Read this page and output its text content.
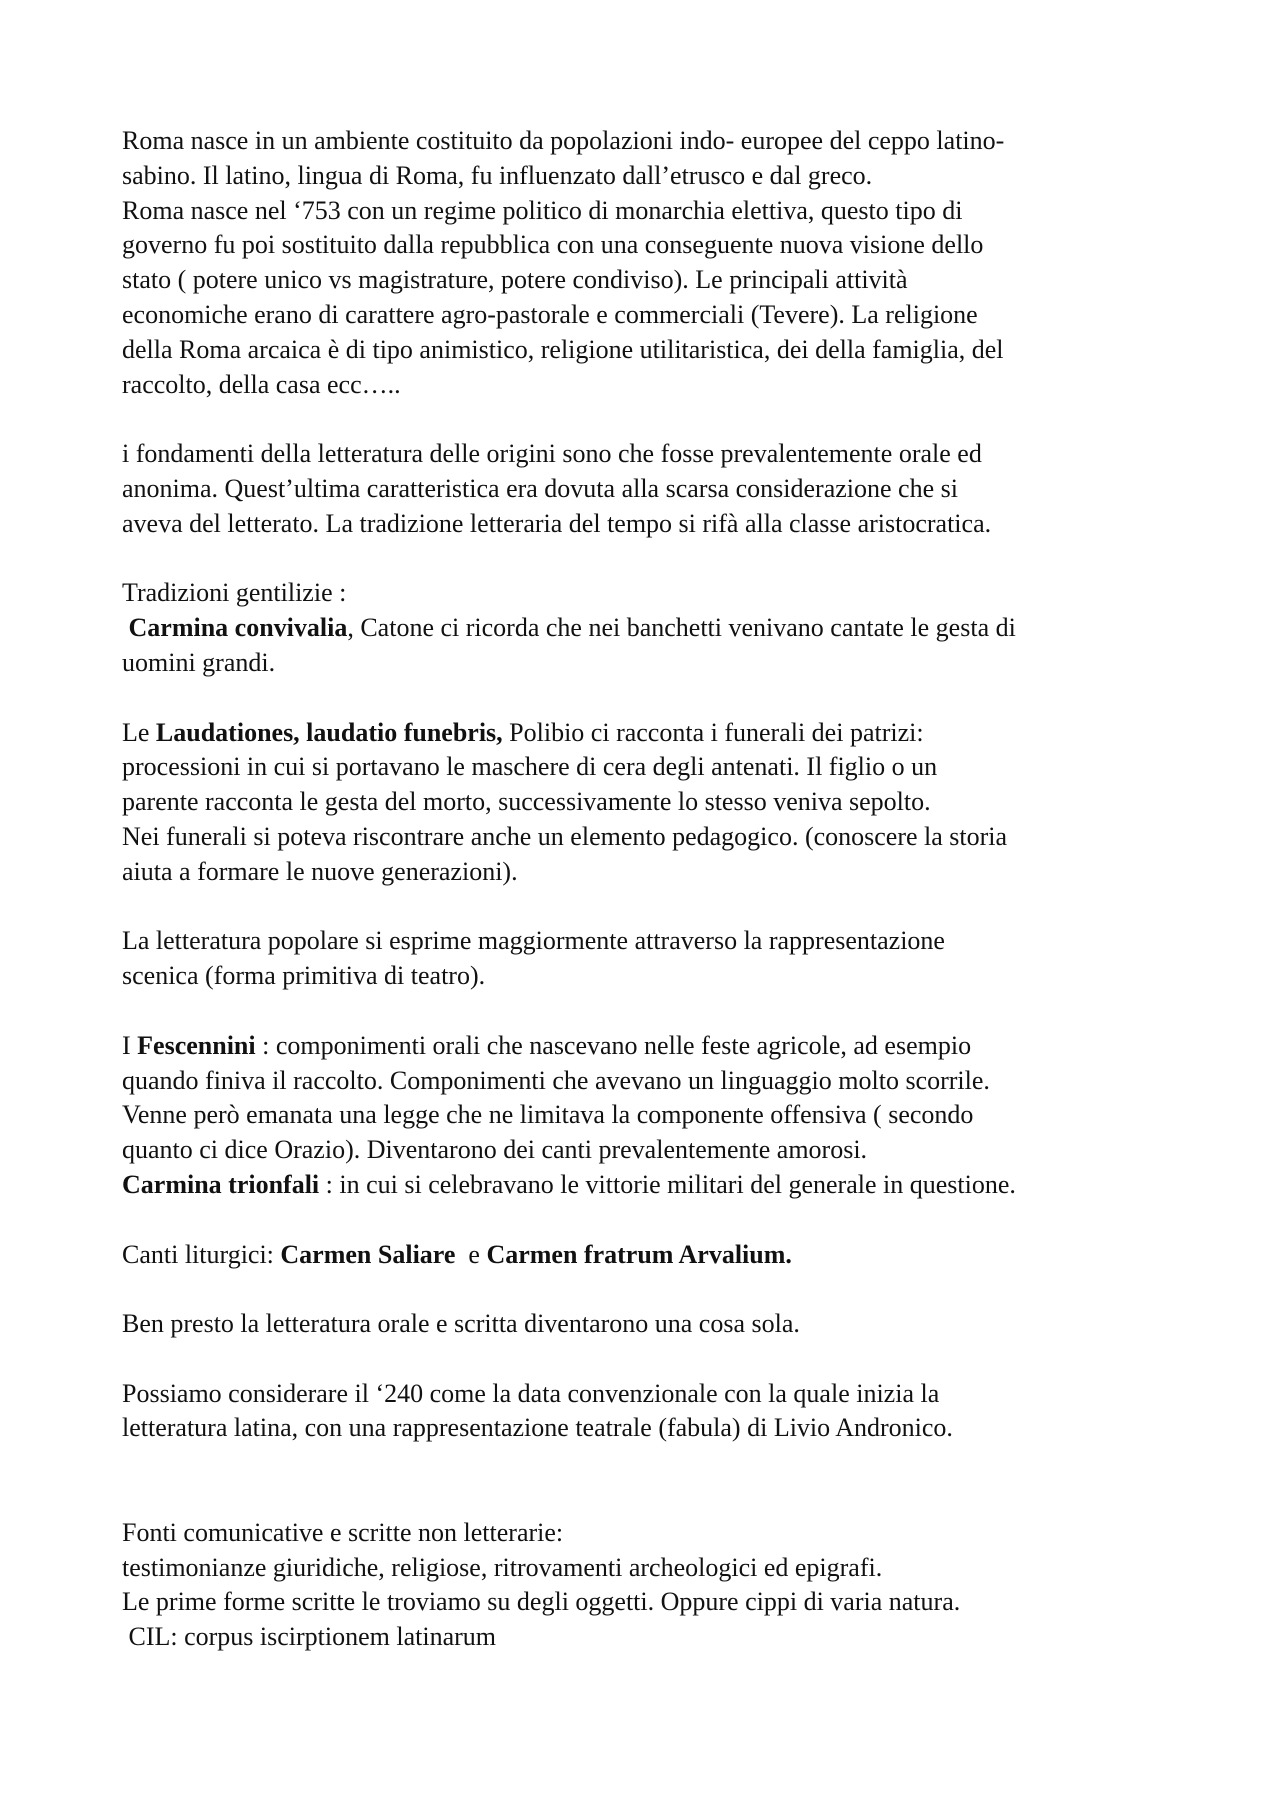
Roma nasce in un ambiente costituito da popolazioni indo- europee del ceppo latino-
sabino. Il latino, lingua di Roma, fu influenzato dall’etrusco e dal greco.
Roma nasce nel ‘753 con un regime politico di monarchia elettiva, questo tipo di
governo fu poi sostituito dalla repubblica con una conseguente nuova visione dello
stato ( potere unico vs magistrature, potere condiviso). Le principali attività
economiche erano di carattere agro-pastorale e commerciali (Tevere). La religione
della Roma arcaica è di tipo animistico, religione utilitaristica, dei della famiglia, del
raccolto, della casa ecc…..
i fondamenti della letteratura delle origini sono che fosse prevalentemente orale ed
anonima. Quest’ultima caratteristica era dovuta alla scarsa considerazione che si
aveva del letterato. La tradizione letteraria del tempo si rifà alla classe aristocratica.
Tradizioni gentilizie :
Carmina convivalia, Catone ci ricorda che nei banchetti venivano cantate le gesta di
uomini grandi.
Le Laudationes, laudatio funebris, Polibio ci racconta i funerali dei patrizi:
processioni in cui si portavano le maschere di cera degli antenati. Il figlio o un
parente racconta le gesta del morto, successivamente lo stesso veniva sepolto.
Nei funerali si poteva riscontrare anche un elemento pedagogico. (conoscere la storia
aiuta a formare le nuove generazioni).
La letteratura popolare si esprime maggiormente attraverso la rappresentazione
scenica (forma primitiva di teatro).
I Fescennini : componimenti orali che nascevano nelle feste agricole, ad esempio
quando finiva il raccolto. Componimenti che avevano un linguaggio molto scorrile.
Venne però emanata una legge che ne limitava la componente offensiva ( secondo
quanto ci dice Orazio). Diventarono dei canti prevalentemente amorosi.
Carmina trionfali : in cui si celebravano le vittorie militari del generale in questione.
Canti liturgici: Carmen Saliare  e Carmen fratrum Arvalium.
Ben presto la letteratura orale e scritta diventarono una cosa sola.
Possiamo considerare il ‘240 come la data convenzionale con la quale inizia la
letteratura latina, con una rappresentazione teatrale (fabula) di Livio Andronico.
Fonti comunicative e scritte non letterarie:
testimonianze giuridiche, religiose, ritrovamenti archeologici ed epigrafi.
Le prime forme scritte le troviamo su degli oggetti. Oppure cippi di varia natura.
CIL: corpus iscirptionem latinarum
